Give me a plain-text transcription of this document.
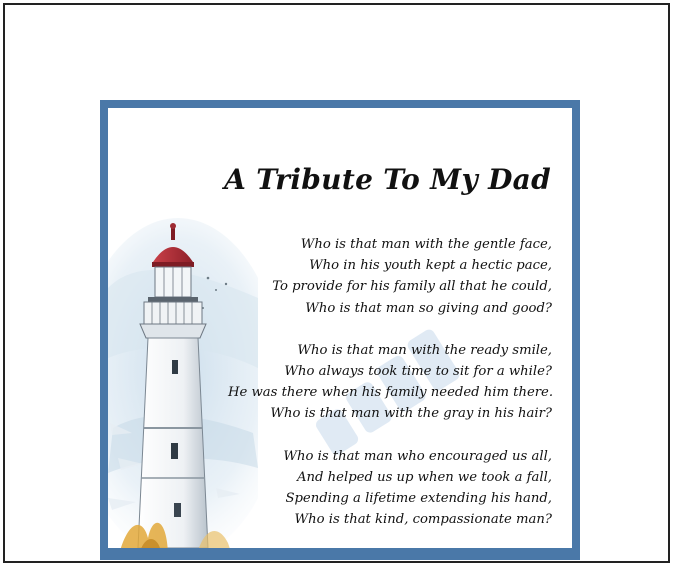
A Tribute To My Dad
Who is that man with the gentle face,
Who in his youth kept a hectic pace,
To provide for his family all that he could,
Who is that man so giving and good?
Who is that man with the ready smile,
Who always took time to sit for a while?
He was there when his family needed him there.
Who is that man with the gray in his hair?
Who is that man who encouraged us all,
And helped us up when we took a fall,
Spending a lifetime extending his hand,
Who is that kind, compassionate man?
